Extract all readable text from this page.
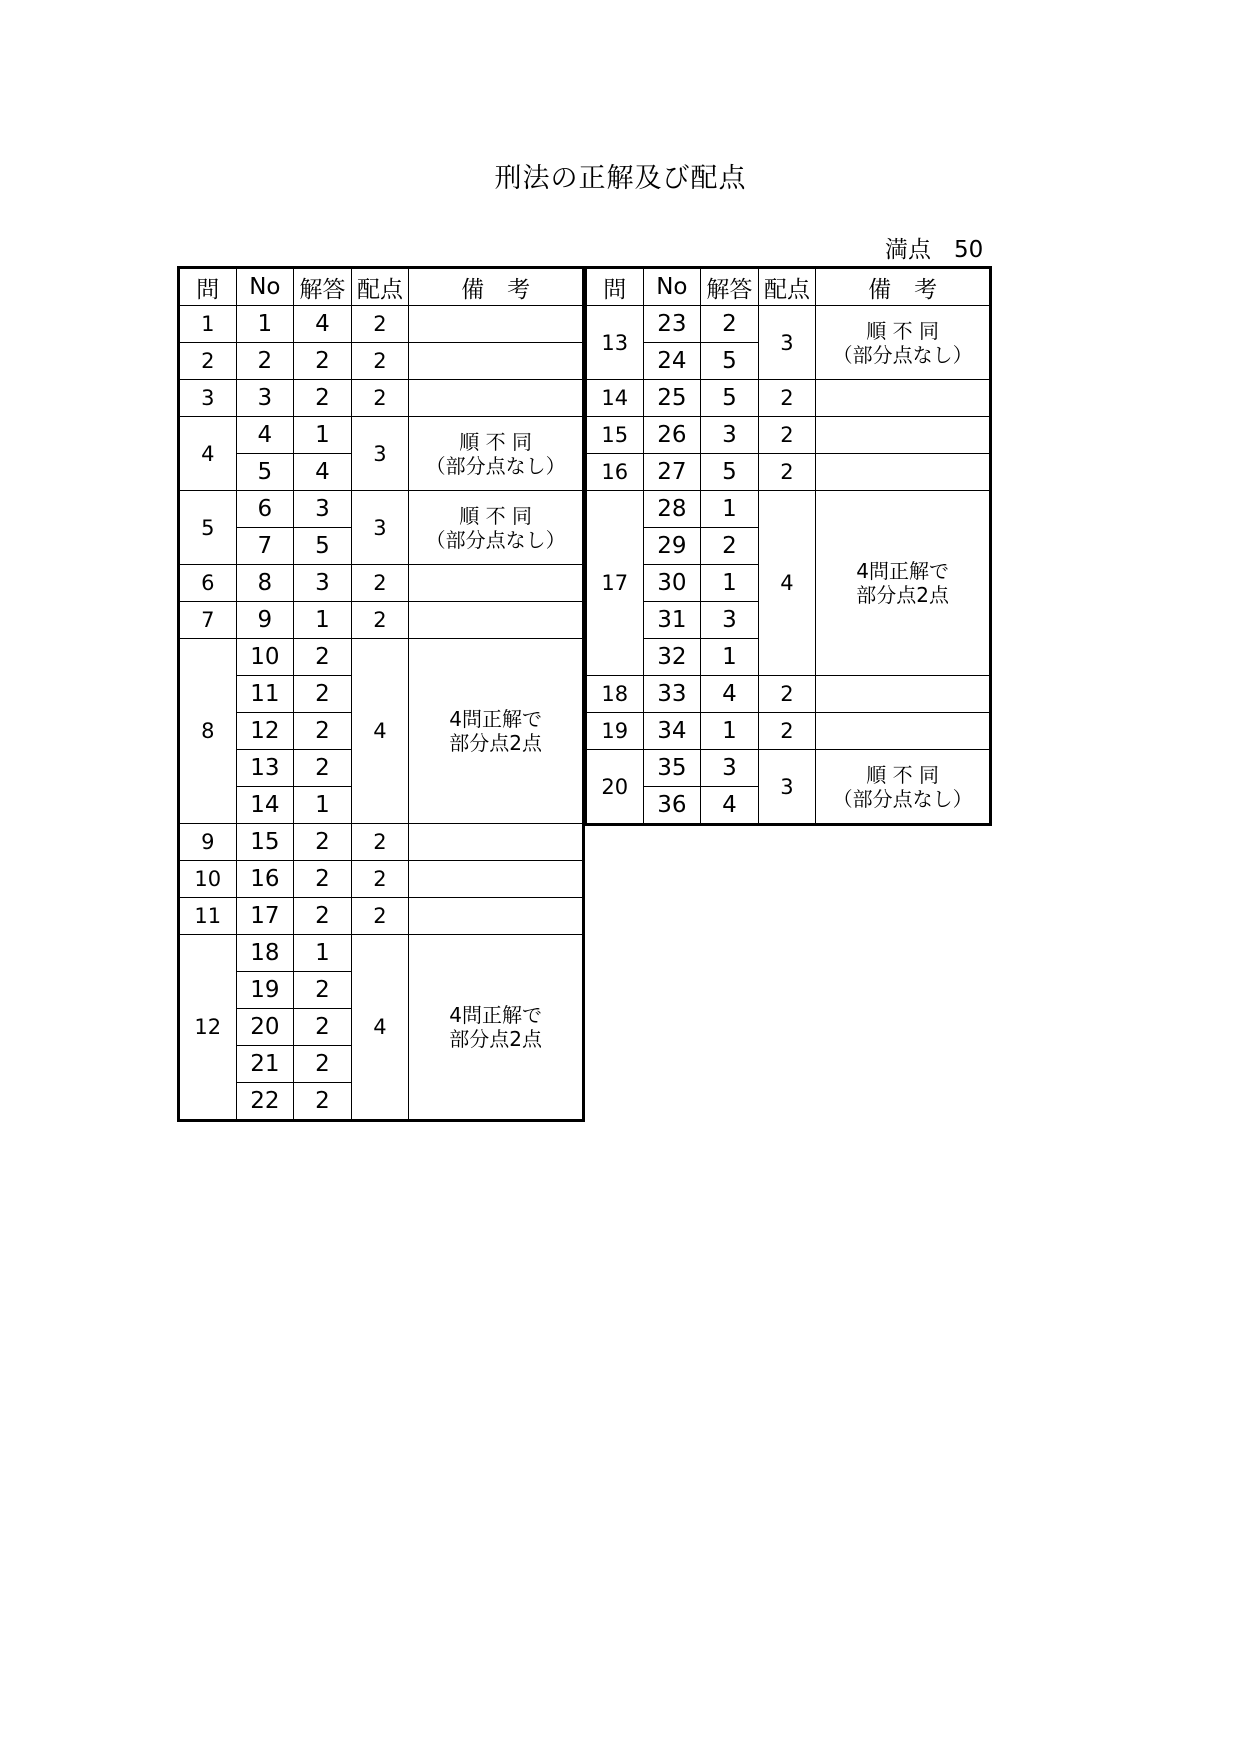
刑法の正解及び配点
満点　50
問	No	解答	配点	備　考
1	1	4	2	
2	2	2	2	
3	3	2	2	
4	4	1	3	順 不 同
（部分点なし）
	5	4		
5	6	3	3	順 不 同
（部分点なし）
	7	5		
6	8	3	2	
7	9	1	2	
8	10	2	4	4問正解で
部分点2点
	11	2		
	12	2		
	13	2		
	14	1		
9	15	2	2	
10	16	2	2	
11	17	2	2	
12	18	1	4	4問正解で
部分点2点
	19	2		
	20	2		
	21	2		
	22	2		
問	No	解答	配点	備　考
13	23	2	3	順 不 同
（部分点なし）
	24	5		
14	25	5	2	
15	26	3	2	
16	27	5	2	
17	28	1	4	4問正解で
部分点2点
	29	2		
	30	1		
	31	3		
	32	1		
18	33	4	2	
19	34	1	2	
20	35	3	3	順 不 同
（部分点なし）
	36	4		
